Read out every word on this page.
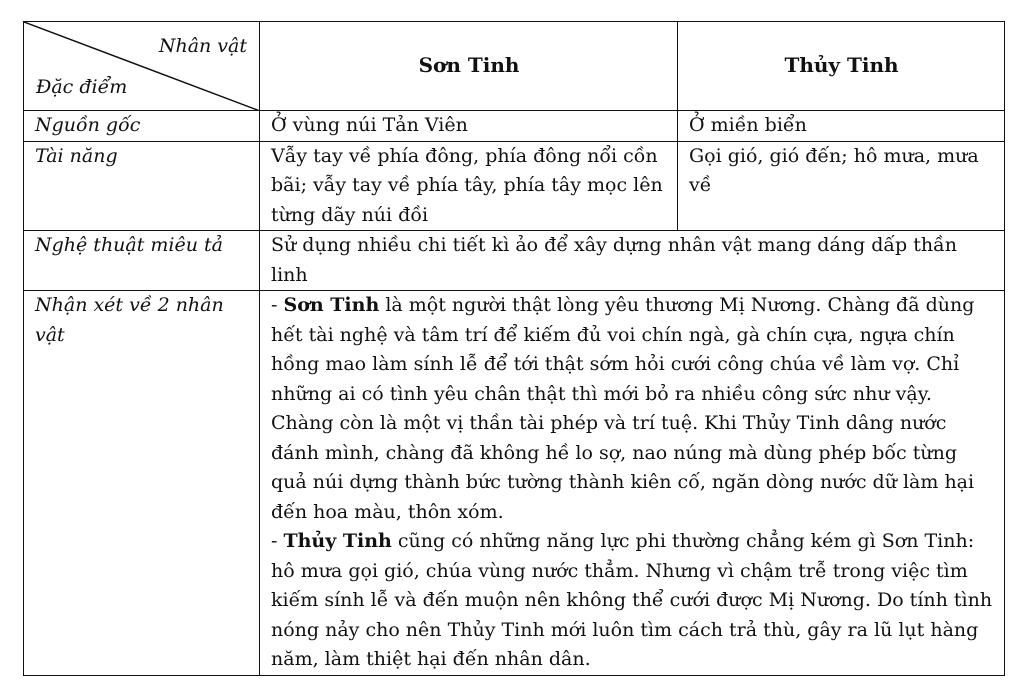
Nhân vật
Đặc điểm	Sơn Tinh	Thủy Tinh
Nguồn gốc	Ở vùng núi Tản Viên	Ở miền biển
Tài năng	Vẫy tay về phía đông, phía đông nổi cồn bãi; vẫy tay về phía tây, phía tây mọc lên từng dãy núi đồi	Gọi gió, gió đến; hô mưa, mưa về
Nghệ thuật miêu tả	Sử dụng nhiều chi tiết kì ảo để xây dựng nhân vật mang dáng dấp thần linh	
Nhận xét về 2 nhân vật	- Sơn Tinh là một người thật lòng yêu thương Mị Nương. Chàng đã dùng hết tài nghệ và tâm trí để kiếm đủ voi chín ngà, gà chín cựa, ngựa chín hồng mao làm sính lễ để tới thật sớm hỏi cưới công chúa về làm vợ. Chỉ những ai có tình yêu chân thật thì mới bỏ ra nhiều công sức như vậy. Chàng còn là một vị thần tài phép và trí tuệ. Khi Thủy Tinh dâng nước đánh mình, chàng đã không hề lo sợ, nao núng mà dùng phép bốc từng quả núi dựng thành bức tường thành kiên cố, ngăn dòng nước dữ làm hại đến hoa màu, thôn xóm.

- Thủy Tinh cũng có những năng lực phi thường chẳng kém gì Sơn Tinh: hô mưa gọi gió, chúa vùng nước thẳm. Nhưng vì chậm trễ trong việc tìm kiếm sính lễ và đến muộn nên không thể cưới được Mị Nương. Do tính tình nóng nảy cho nên Thủy Tinh mới luôn tìm cách trả thù, gây ra lũ lụt hàng năm, làm thiệt hại đến nhân dân.	
